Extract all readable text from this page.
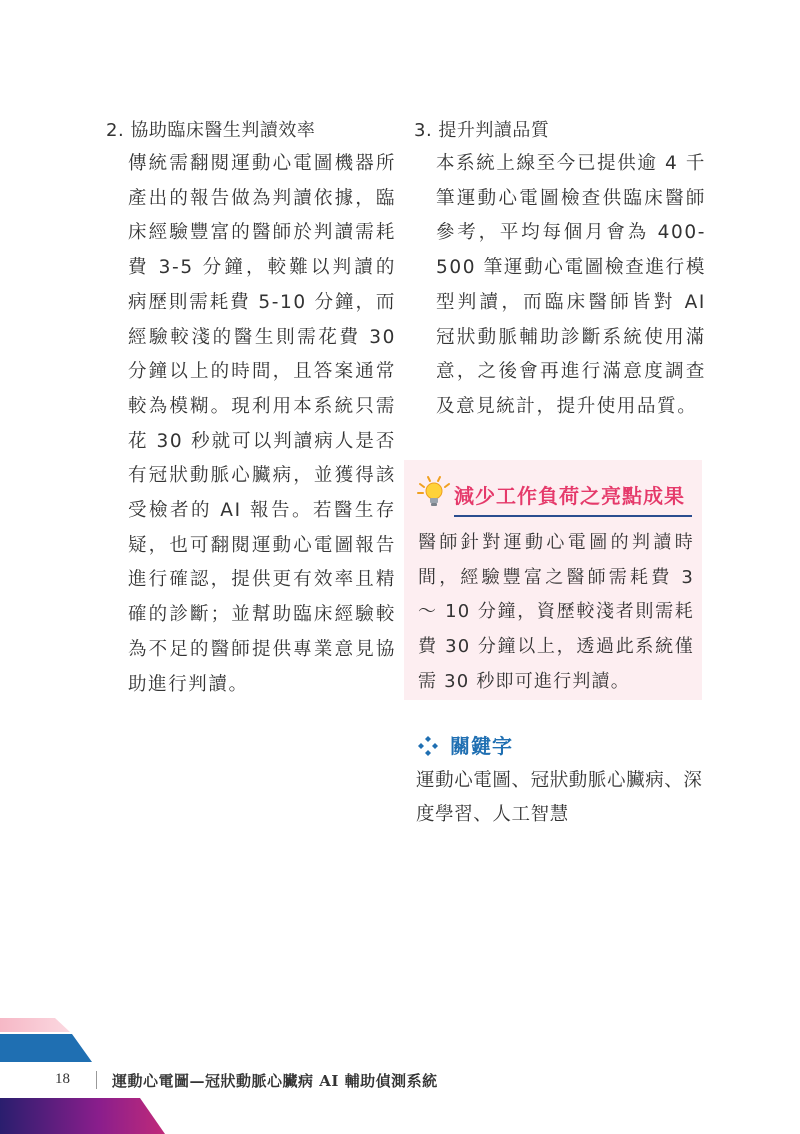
2. 協助臨床醫生判讀效率

傳統需翻閱運動心電圖機器所產出的報告做為判讀依據，臨床經驗豐富的醫師於判讀需耗費 3-5 分鐘，較難以判讀的病歷則需耗費 5-10 分鐘，而經驗較淺的醫生則需花費 30 分鐘以上的時間，且答案通常較為模糊。現利用本系統只需花 30 秒就可以判讀病人是否有冠狀動脈心臟病，並獲得該受檢者的 AI 報告。若醫生存疑，也可翻閱運動心電圖報告進行確認，提供更有效率且精確的診斷；並幫助臨床經驗較為不足的醫師提供專業意見協助進行判讀。

3. 提升判讀品質

本系統上線至今已提供逾 4 千筆運動心電圖檢查供臨床醫師參考，平均每個月會為 400-500 筆運動心電圖檢查進行模型判讀，而臨床醫師皆對 AI 冠狀動脈輔助診斷系統使用滿意，之後會再進行滿意度調查及意見統計，提升使用品質。

減少工作負荷之亮點成果

醫師針對運動心電圖的判讀時間，經驗豐富之醫師需耗費 3 ～ 10 分鐘，資歷較淺者則需耗費 30 分鐘以上，透過此系統僅需 30 秒即可進行判讀。

關鍵字

運動心電圖、冠狀動脈心臟病、深度學習、人工智慧

18	運動心電圖—冠狀動脈心臟病 AI 輔助偵測系統
